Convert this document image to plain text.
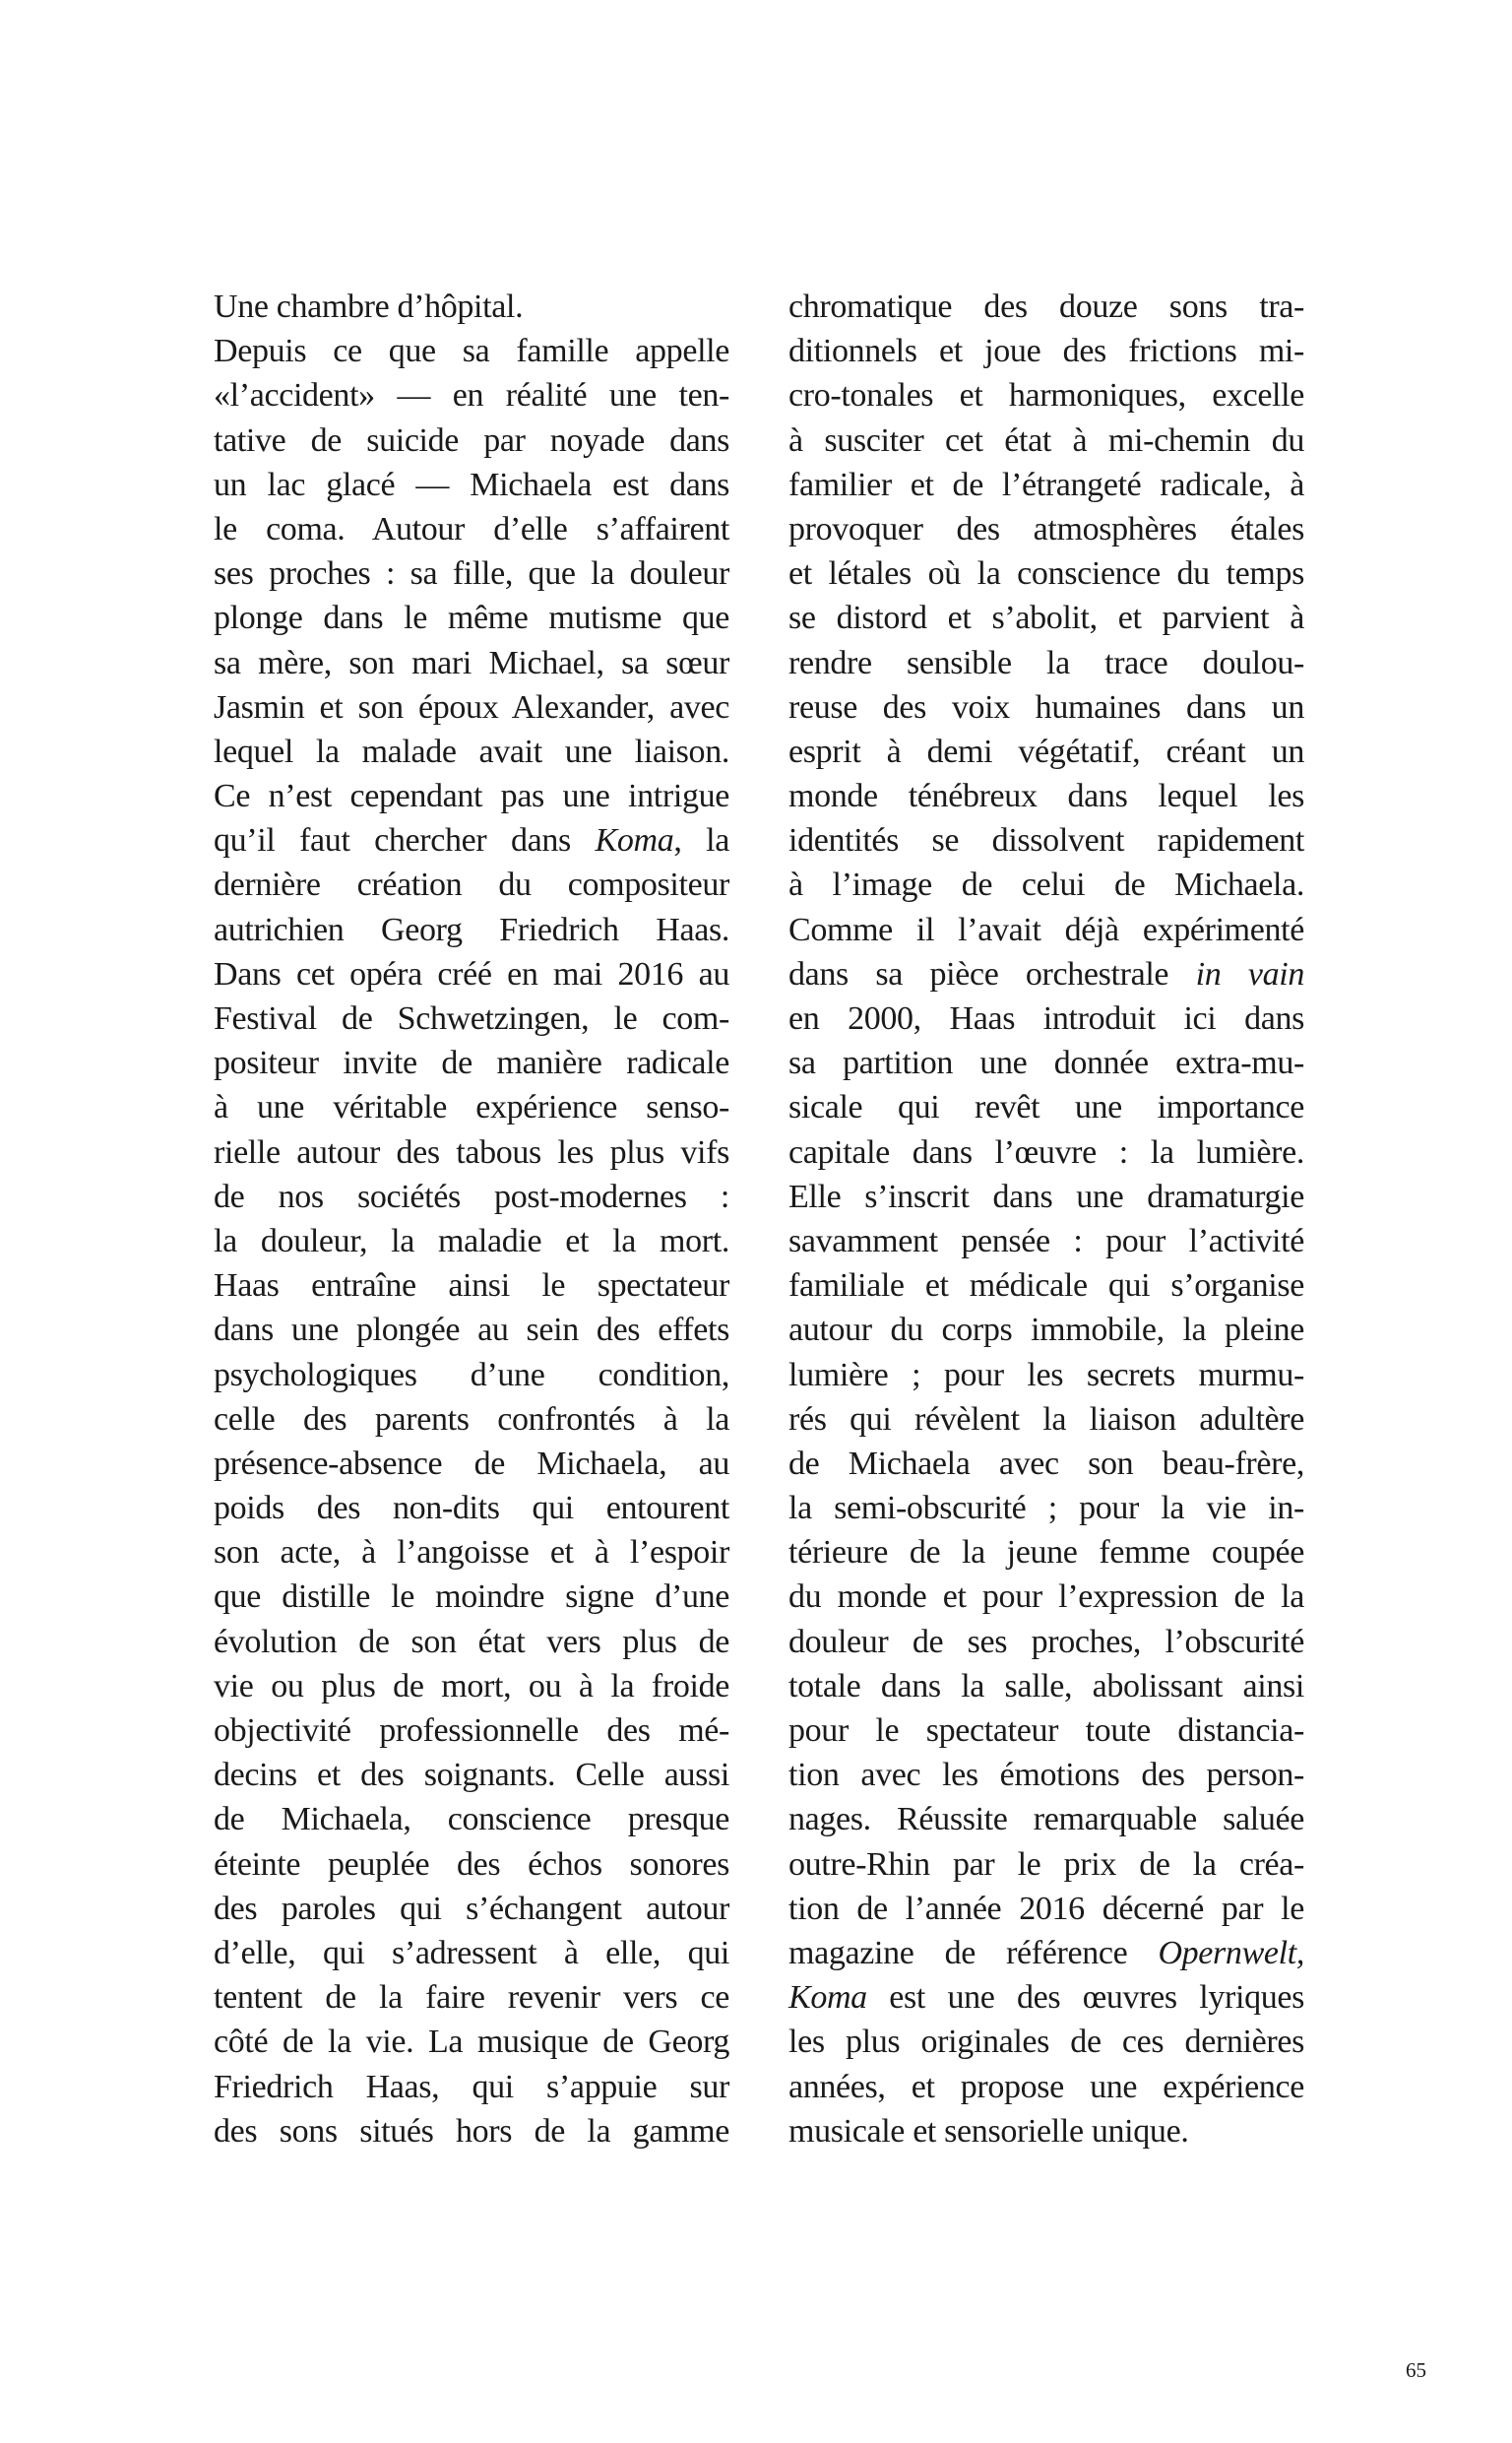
Une chambre d’hôpital.
Depuis ce que sa famille appelle
«l’accident» — en réalité une ten-
tative de suicide par noyade dans
un lac glacé — Michaela est dans
le coma. Autour d’elle s’affairent
ses proches : sa fille, que la douleur
plonge dans le même mutisme que
sa mère, son mari Michael, sa sœur
Jasmin et son époux Alexander, avec
lequel la malade avait une liaison.
Ce n’est cependant pas une intrigue
qu’il faut chercher dans Koma, la
dernière création du compositeur
autrichien Georg Friedrich Haas.
Dans cet opéra créé en mai 2016 au
Festival de Schwetzingen, le com-
positeur invite de manière radicale
à une véritable expérience senso-
rielle autour des tabous les plus vifs
de nos sociétés post-modernes :
la douleur, la maladie et la mort.
Haas entraîne ainsi le spectateur
dans une plongée au sein des effets
psychologiques d’une condition,
celle des parents confrontés à la
présence-absence de Michaela, au
poids des non-dits qui entourent
son acte, à l’angoisse et à l’espoir
que distille le moindre signe d’une
évolution de son état vers plus de
vie ou plus de mort, ou à la froide
objectivité professionnelle des mé-
decins et des soignants. Celle aussi
de Michaela, conscience presque
éteinte peuplée des échos sonores
des paroles qui s’échangent autour
d’elle, qui s’adressent à elle, qui
tentent de la faire revenir vers ce
côté de la vie. La musique de Georg
Friedrich Haas, qui s’appuie sur
des sons situés hors de la gamme
chromatique des douze sons tra-
ditionnels et joue des frictions mi-
cro-tonales et harmoniques, excelle
à susciter cet état à mi-chemin du
familier et de l’étrangeté radicale, à
provoquer des atmosphères étales
et létales où la conscience du temps
se distord et s’abolit, et parvient à
rendre sensible la trace doulou-
reuse des voix humaines dans un
esprit à demi végétatif, créant un
monde ténébreux dans lequel les
identités se dissolvent rapidement
à l’image de celui de Michaela.
Comme il l’avait déjà expérimenté
dans sa pièce orchestrale in vain
en 2000, Haas introduit ici dans
sa partition une donnée extra-mu-
sicale qui revêt une importance
capitale dans l’œuvre : la lumière.
Elle s’inscrit dans une dramaturgie
savamment pensée : pour l’activité
familiale et médicale qui s’organise
autour du corps immobile, la pleine
lumière ; pour les secrets murmu-
rés qui révèlent la liaison adultère
de Michaela avec son beau-frère,
la semi-obscurité ; pour la vie in-
térieure de la jeune femme coupée
du monde et pour l’expression de la
douleur de ses proches, l’obscurité
totale dans la salle, abolissant ainsi
pour le spectateur toute distancia-
tion avec les émotions des person-
nages. Réussite remarquable saluée
outre-Rhin par le prix de la créa-
tion de l’année 2016 décerné par le
magazine de référence Opernwelt,
Koma est une des œuvres lyriques
les plus originales de ces dernières
années, et propose une expérience
musicale et sensorielle unique.
65
